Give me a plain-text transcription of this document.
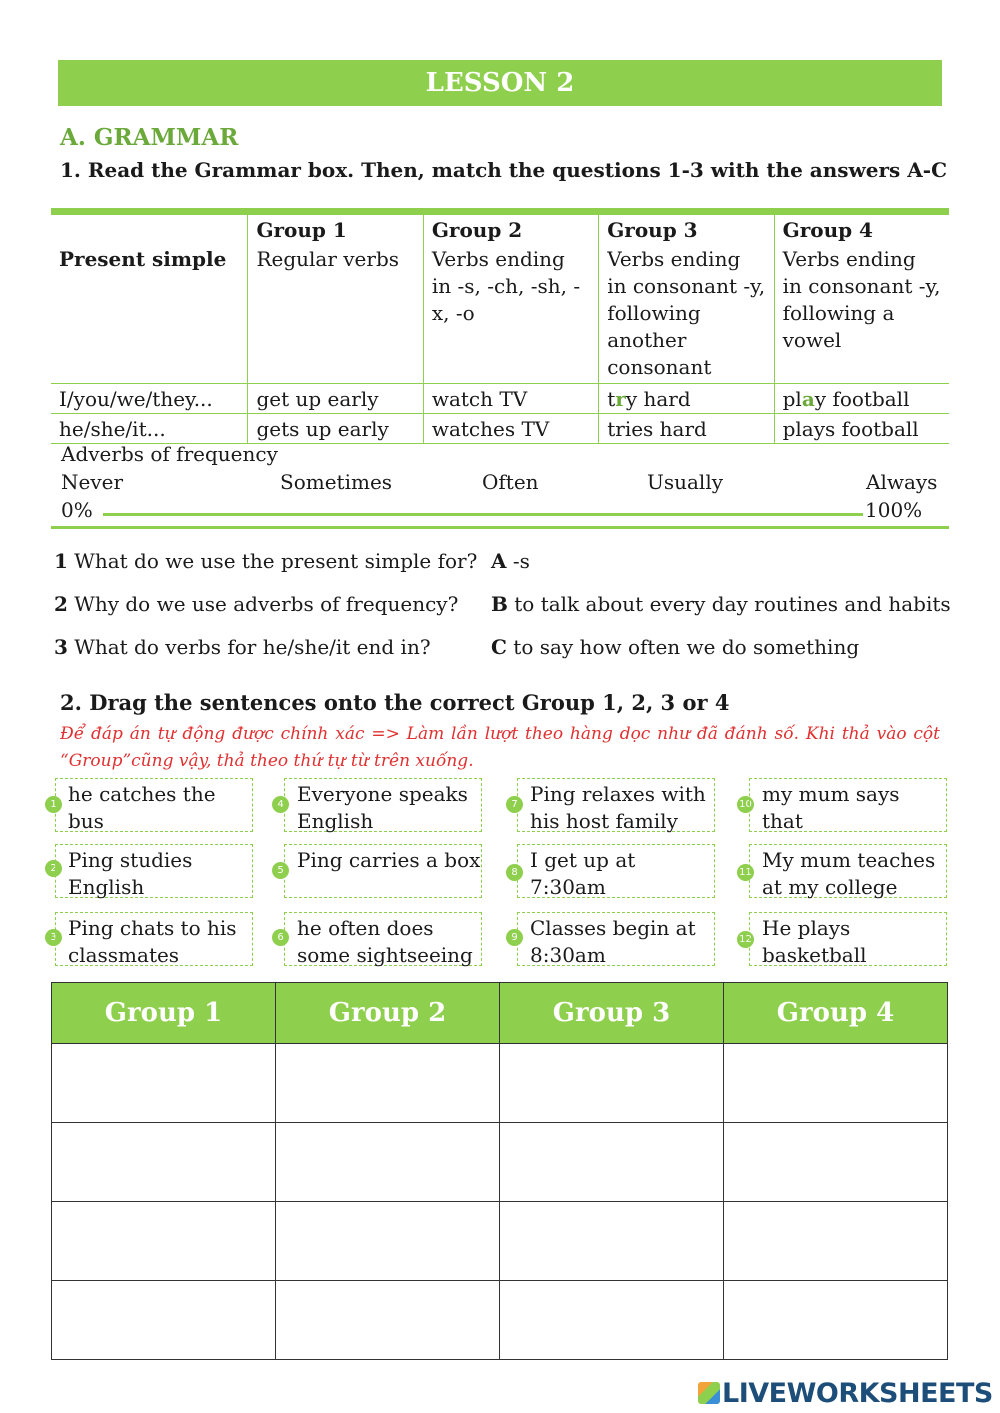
LESSON 2
A. GRAMMAR
1. Read the Grammar box. Then, match the questions 1-3 with the answers A-C
	Group 1	Group 2	Group 3	Group 4
Present simple	Regular verbs	Verbs ending in -s, -ch, -sh, -x, -o	Verbs ending in consonant -y, following another consonant	Verbs ending in consonant -y, following a vowel
I/you/we/they...	get up early	watch TV	try hard	play football
he/she/it...	gets up early	watches TV	tries hard	plays football
Adverbs of frequency
Never	Sometimes	Often	Usually	Always
0%	100%
1 What do we use the present simple for?
2 Why do we use adverbs of frequency?
3 What do verbs for he/she/it end in?
A -s
B to talk about every day routines and habits
C to say how often we do something
2. Drag the sentences onto the correct Group 1, 2, 3 or 4
Để đáp án tự động được chính xác => Làm lần lượt theo hàng dọc như đã đánh số. Khi thả vào cột “Group”cũng vậy, thả theo thứ tự từ trên xuống.
1 he catches the bus
2 Ping studies English
3 Ping chats to his classmates
4 Everyone speaks English
5 Ping carries a box
6 he often does some sightseeing
7 Ping relaxes with his host family
8
I get up at 7:30am
9 Classes begin at 8:30am
10 my mum says that
11
My mum teaches at my college
12 He plays basketball
Group 1	Group 2	Group 3	Group 4

LIVEWORKSHEETS
